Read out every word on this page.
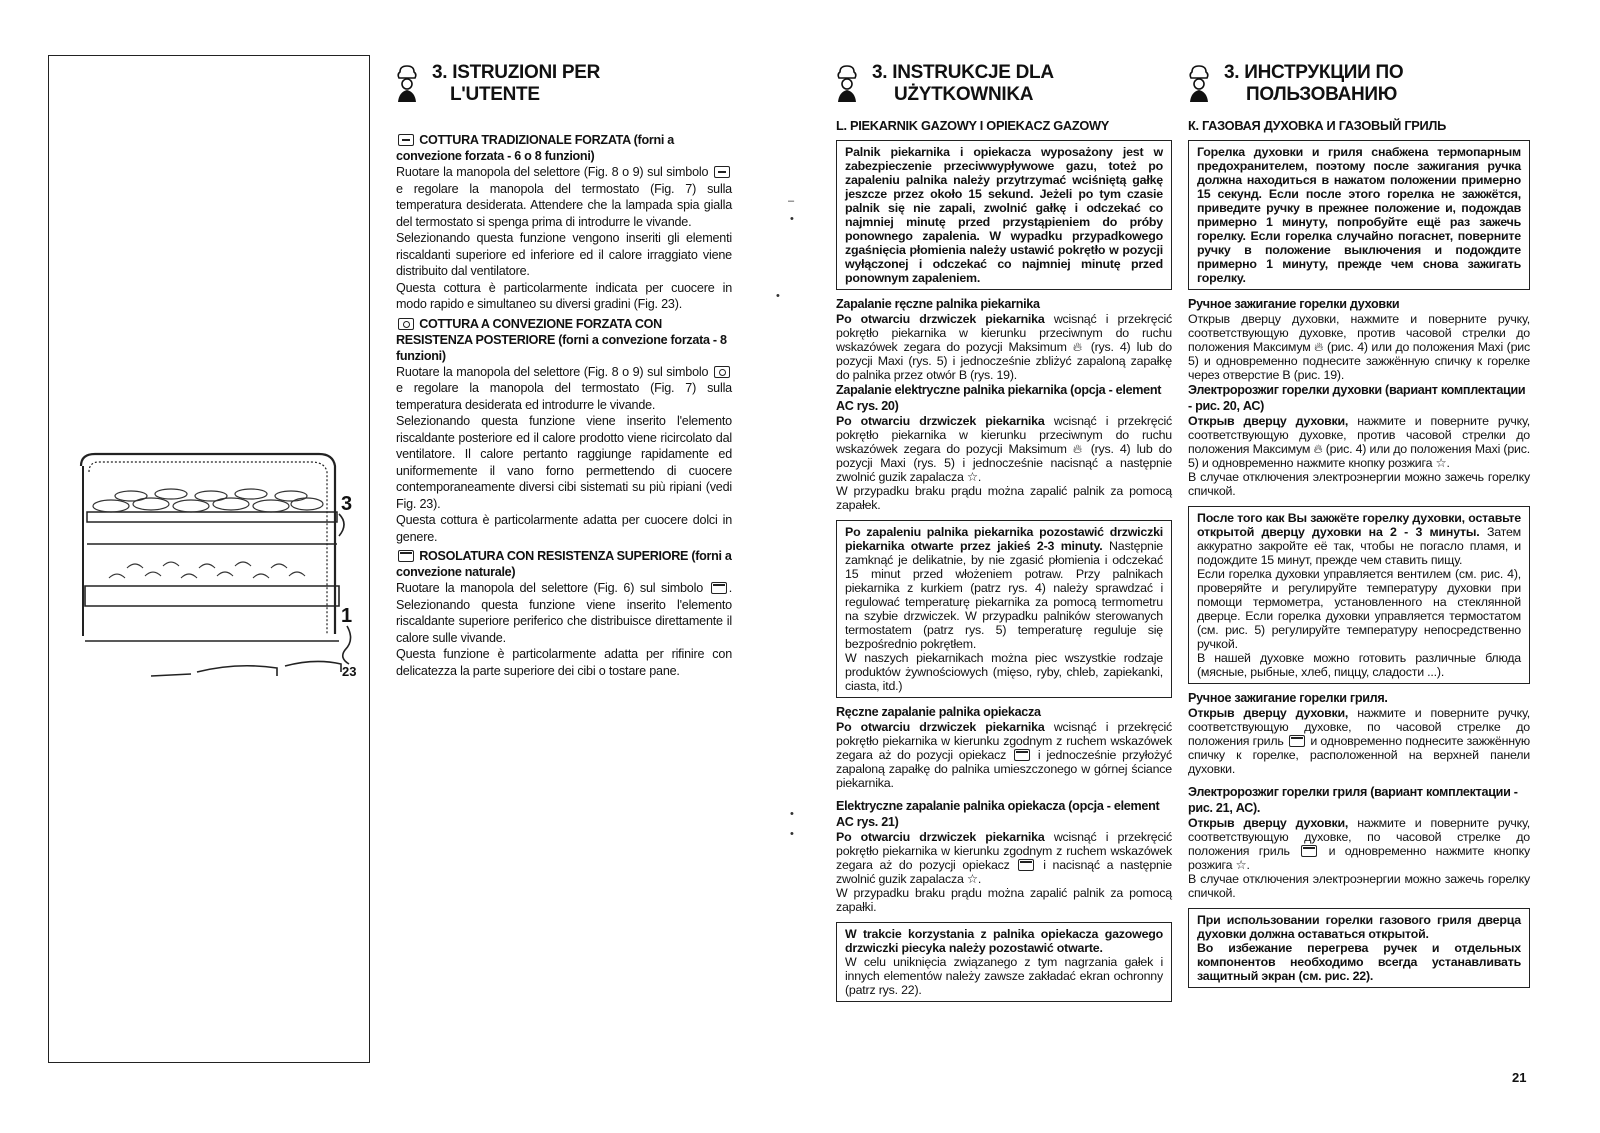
3
1
23
3. ISTRUZIONI PER
L'UTENTE

COTTURA TRADIZIONALE FORZATA (forni a convezione forzata - 6 o 8 funzioni)

Ruotare la manopola del selettore (Fig. 8 o 9) sul simbolo  e regolare la manopola del termostato (Fig. 7) sulla temperatura desiderata. Attendere che la lampada spia gialla del termostato si spenga prima di introdurre le vivande.

Selezionando questa funzione vengono inseriti gli elementi riscaldanti superiore ed inferiore ed il calore irraggiato viene distribuito dal ventilatore.

Questa cottura è particolarmente indicata per cuocere in modo rapido e simultaneo su diversi gradini (Fig. 23).

COTTURA A CONVEZIONE FORZATA CON RESISTENZA POSTERIORE (forni a convezione forzata - 8 funzioni)

Ruotare la manopola del selettore (Fig. 8 o 9) sul simbolo  e regolare la manopola del termostato (Fig. 7) sulla temperatura desiderata ed introdurre le vivande.

Selezionando questa funzione viene inserito l'elemento riscaldante posteriore ed il calore prodotto viene ricircolato dal ventilatore. Il calore pertanto raggiunge rapidamente ed uniformemente il vano forno permettendo di cuocere contemporaneamente diversi cibi sistemati su più ripiani (vedi Fig. 23).

Questa cottura è particolarmente adatta per cuocere dolci in genere.

ROSOLATURA CON RESISTENZA SUPERIORE (forni a convezione naturale)

Ruotare la manopola del selettore (Fig. 6) sul simbolo . Selezionando questa funzione viene inserito l'elemento riscaldante superiore periferico che distribuisce direttamente il calore sulle vivande.

Questa funzione è particolarmente adatta per rifinire con delicatezza la parte superiore dei cibi o tostare pane.

–
•
•
•
•
3. INSTRUKCJE DLA
UŻYTKOWNIKA

L. PIEKARNIK GAZOWY I OPIEKACZ GAZOWY

Palnik piekarnika i opiekacza wyposażony jest w zabezpieczenie przeciwwypływowe gazu, toteż po zapaleniu palnika należy przytrzymać wciśniętą gałkę jeszcze przez około 15 sekund. Jeżeli po tym czasie palnik się nie zapali, zwolnić gałkę i odczekać co najmniej minutę przed przystąpieniem do próby ponownego zapalenia. W wypadku przypadkowego zgaśnięcia płomienia należy ustawić pokrętło w pozycji wyłączonej i odczekać co najmniej minutę przed ponownym zapaleniem.

Zapalanie ręczne palnika piekarnika

Po otwarciu drzwiczek piekarnika wcisnąć i przekręcić pokrętło piekarnika w kierunku przeciwnym do ruchu wskazówek zegara do pozycji Maksimum 🔥︎ (rys. 4) lub do pozycji Maxi (rys. 5) i jednocześnie zbliżyć zapaloną zapałkę do palnika przez otwór B (rys. 19).

Zapalanie elektryczne palnika piekarnika (opcja - element AC rys. 20)

Po otwarciu drzwiczek piekarnika wcisnąć i przekręcić pokrętło piekarnika w kierunku przeciwnym do ruchu wskazówek zegara do pozycji Maksimum 🔥︎ (rys. 4) lub do pozycji Maxi (rys. 5) i jednocześnie nacisnąć a następnie zwolnić guzik zapalacza ☆.

W przypadku braku prądu można zapalić palnik za pomocą zapałek.

Po zapaleniu palnika piekarnika pozostawić drzwiczki piekarnika otwarte przez jakieś 2-3 minuty. Następnie zamknąć je delikatnie, by nie zgasić płomienia i odczekać 15 minut przed włożeniem potraw. Przy palnikach piekarnika z kurkiem (patrz rys. 4) należy sprawdzać i regulować temperaturę piekarnika za pomocą termometru na szybie drzwiczek. W przypadku palników sterowanych termostatem (patrz rys. 5) temperaturę reguluje się bezpośrednio pokrętłem.

W naszych piekarnikach można piec wszystkie rodzaje produktów żywnościowych (mięso, ryby, chleb, zapiekanki, ciasta, itd.)

Ręczne zapalanie palnika opiekacza

Po otwarciu drzwiczek piekarnika wcisnąć i przekręcić pokrętło piekarnika w kierunku zgodnym z ruchem wskazówek zegara aż do pozycji opiekacz	i jednocześnie przyłożyć zapaloną zapałkę do palnika umieszczonego w górnej ściance piekarnika.

Elektryczne zapalanie palnika opiekacza (opcja - element AC rys. 21)

Po otwarciu drzwiczek piekarnika wcisnąć i przekręcić pokrętło piekarnika w kierunku zgodnym z ruchem wskazówek zegara aż do pozycji opiekacz	i nacisnąć a następnie zwolnić guzik zapalacza ☆.

W przypadku braku prądu można zapalić palnik za pomocą zapałki.

W trakcie korzystania z palnika opiekacza gazowego drzwiczki piecyka należy pozostawić otwarte.

W celu uniknięcia związanego z tym nagrzania gałek i innych elementów należy zawsze zakładać ekran ochronny (patrz rys. 22).

3. ИНСТРУКЦИИ ПО
ПОЛЬЗОВАНИЮ

К. ГАЗОВАЯ ДУХОВКА И ГАЗОВЫЙ ГРИЛЬ

Горелка духовки и гриля снабжена термопарным предохранителем, поэтому после зажигания ручка должна находиться в нажатом положении примерно 15 секунд. Если после этого горелка не зажжётся, приведите ручку в прежнее положение и, подождав примерно 1 минуту, попробуйте ещё раз зажечь горелку. Если горелка случайно погаснет, поверните ручку в положение выключения и подождите примерно 1 минуту, прежде чем снова зажигать горелку.

Ручное зажигание горелки духовки

Открыв дверцу духовки, нажмите и поверните ручку, соответствующую духовке, против часовой стрелки до положения Максимум 🔥︎ (рис. 4) или до положения Maxi (рис 5) и одновременно поднесите зажжённую спичку к горелке через отверстие В (рис. 19).

Электророзжиг горелки духовки (вариант комплектации - рис. 20, АС)

Открыв дверцу духовки, нажмите и поверните ручку, соответствующую духовке, против часовой стрелки до положения Максимум 🔥︎ (рис. 4) или до положения Maxi (рис. 5) и одновременно нажмите кнопку розжига ☆.

В случае отключения электроэнергии можно зажечь горелку спичкой.

После того как Вы зажжёте горелку духовки, оставьте открытой дверцу духовки на 2 - 3 минуты. Затем аккуратно закройте её так, чтобы не погасло пламя, и подождите 15 минут, прежде чем ставить пищу.

Если горелка духовки управляется вентилем (см. рис. 4), проверяйте и регулируйте температуру духовки при помощи термометра, установленного на стеклянной дверце. Если горелка духовки управляется термостатом (см. рис. 5) регулируйте температуру непосредственно ручкой.

В нашей духовке можно готовить различные блюда (мясные, рыбные, хлеб, пиццу, сладости ...).

Ручное зажигание горелки гриля.

Открыв дверцу духовки, нажмите и поверните ручку, соответствующую духовке, по часовой стрелке до положения гриль и одновременно поднесите зажжённую спичку к горелке, расположенной на верхней панели духовки.

Электророзжиг горелки гриля (вариант комплектации - рис. 21, АС).

Открыв дверцу духовки, нажмите и поверните ручку, соответствующую духовке, по часовой стрелке до положения гриль	и одновременно нажмите кнопку розжига ☆.

В случае отключения электроэнергии можно зажечь горелку спичкой.

При использовании горелки газового гриля дверца духовки должна оставаться открытой.

Во избежание перегрева ручек и отдельных компонентов необходимо всегда устанавливать защитный экран (см. рис. 22).

21
